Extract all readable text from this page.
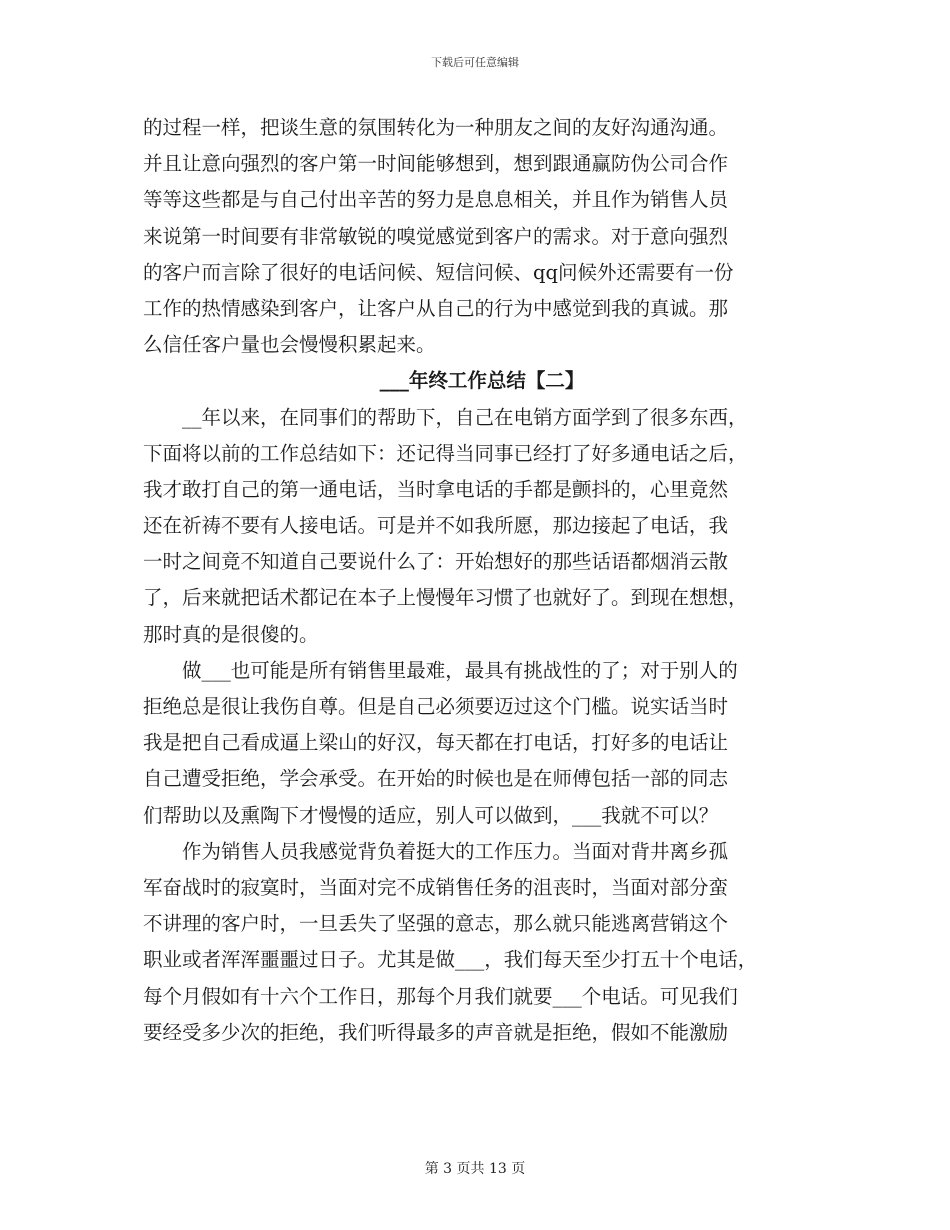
下载后可任意编辑
的过程一样，把谈生意的氛围转化为一种朋友之间的友好沟通沟通。
并且让意向强烈的客户第一时间能够想到，想到跟通赢防伪公司合作
等等这些都是与自己付出辛苦的努力是息息相关，并且作为销售人员
来说第一时间要有非常敏锐的嗅觉感觉到客户的需求。对于意向强烈
的客户而言除了很好的电话问候、短信问候、qq问候外还需要有一份
工作的热情感染到客户，让客户从自己的行为中感觉到我的真诚。那
么信任客户量也会慢慢积累起来。
___年终工作总结【二】
__年以来，在同事们的帮助下，自己在电销方面学到了很多东西，
下面将以前的工作总结如下：还记得当同事已经打了好多通电话之后，
我才敢打自己的第一通电话，当时拿电话的手都是颤抖的，心里竟然
还在祈祷不要有人接电话。可是并不如我所愿，那边接起了电话，我
一时之间竟不知道自己要说什么了：开始想好的那些话语都烟消云散
了，后来就把话术都记在本子上慢慢年习惯了也就好了。到现在想想，
那时真的是很傻的。
做___也可能是所有销售里最难，最具有挑战性的了；对于别人的
拒绝总是很让我伤自尊。但是自己必须要迈过这个门槛。说实话当时
我是把自己看成逼上梁山的好汉，每天都在打电话，打好多的电话让
自己遭受拒绝，学会承受。在开始的时候也是在师傅包括一部的同志
们帮助以及熏陶下才慢慢的适应，别人可以做到，___我就不可以？
作为销售人员我感觉背负着挺大的工作压力。当面对背井离乡孤
军奋战时的寂寞时，当面对完不成销售任务的沮丧时，当面对部分蛮
不讲理的客户时，一旦丢失了坚强的意志，那么就只能逃离营销这个
职业或者浑浑噩噩过日子。尤其是做___，我们每天至少打五十个电话，
每个月假如有十六个工作日，那每个月我们就要___个电话。可见我们
要经受多少次的拒绝，我们听得最多的声音就是拒绝，假如不能激励
第 3 页共 13 页
